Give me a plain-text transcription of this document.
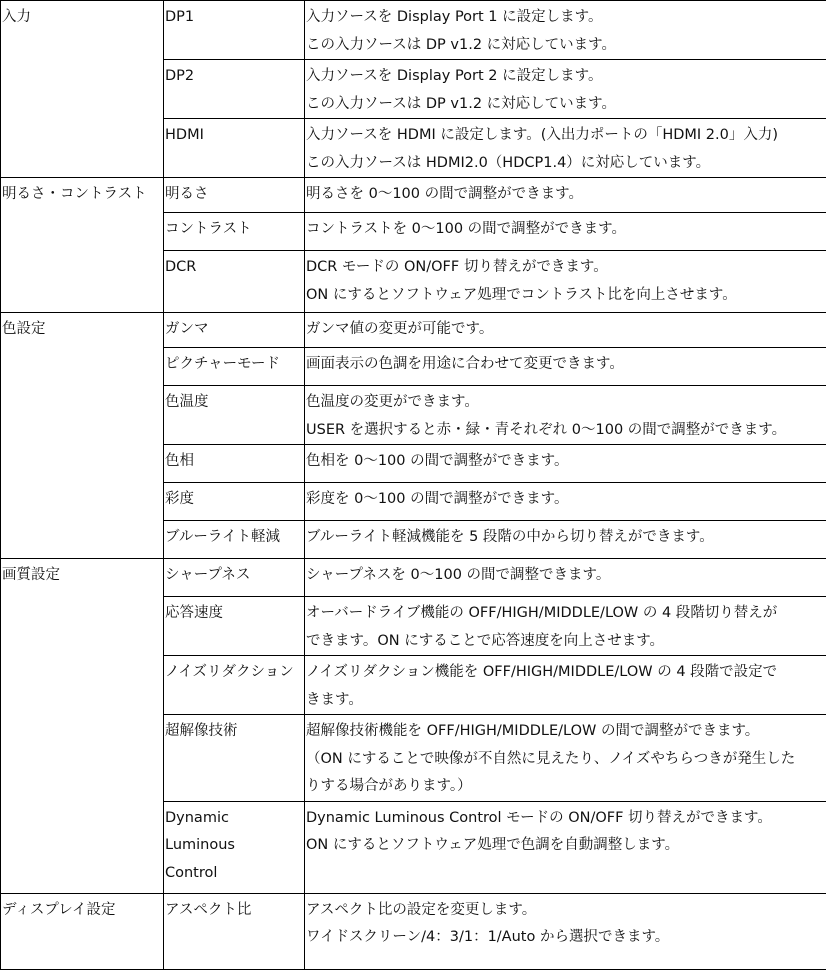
入力	DP1	入力ソースを Display Port 1 に設定します。
この入力ソースは DP v1.2 に対応しています。

	DP2	入力ソースを Display Port 2 に設定します。
この入力ソースは DP v1.2 に対応しています。

	HDMI	入力ソースを HDMI に設定します。(入出力ポートの「HDMI 2.0」入力)
この入力ソースは HDMI2.0（HDCP1.4）に対応しています。

明るさ・コントラスト	明るさ	明るさを 0～100 の間で調整ができます。

	コントラスト	コントラストを 0～100 の間で調整ができます。

	DCR	DCR モードの ON/OFF 切り替えができます。
ON にするとソフトウェア処理でコントラスト比を向上させます。

色設定	ガンマ	ガンマ値の変更が可能です。

	ピクチャーモード	画面表示の色調を用途に合わせて変更できます。

	色温度	色温度の変更ができます。
USER を選択すると赤・緑・青それぞれ 0～100 の間で調整ができます。

	色相	色相を 0～100 の間で調整ができます。

	彩度	彩度を 0～100 の間で調整ができます。

	ブルーライト軽減	ブルーライト軽減機能を 5 段階の中から切り替えができます。

画質設定	シャープネス	シャープネスを 0～100 の間で調整できます。

	応答速度	オーバードライブ機能の OFF/HIGH/MIDDLE/LOW の 4 段階切り替えが
できます。ON にすることで応答速度を向上させます。

	ノイズリダクション	ノイズリダクション機能を OFF/HIGH/MIDDLE/LOW の 4 段階で設定で
きます。

	超解像技術	超解像技術機能を OFF/HIGH/MIDDLE/LOW の間で調整ができます。
（ON にすることで映像が不自然に見えたり、ノイズやちらつきが発生した
りする場合があります。）

	Dynamic
Luminous
Control	Dynamic Luminous Control モードの ON/OFF 切り替えができます。
ON にするとソフトウェア処理で色調を自動調整します。

ディスプレイ設定	アスペクト比	アスペクト比の設定を変更します。
ワイドスクリーン/4：3/1：1/Auto から選択できます。
